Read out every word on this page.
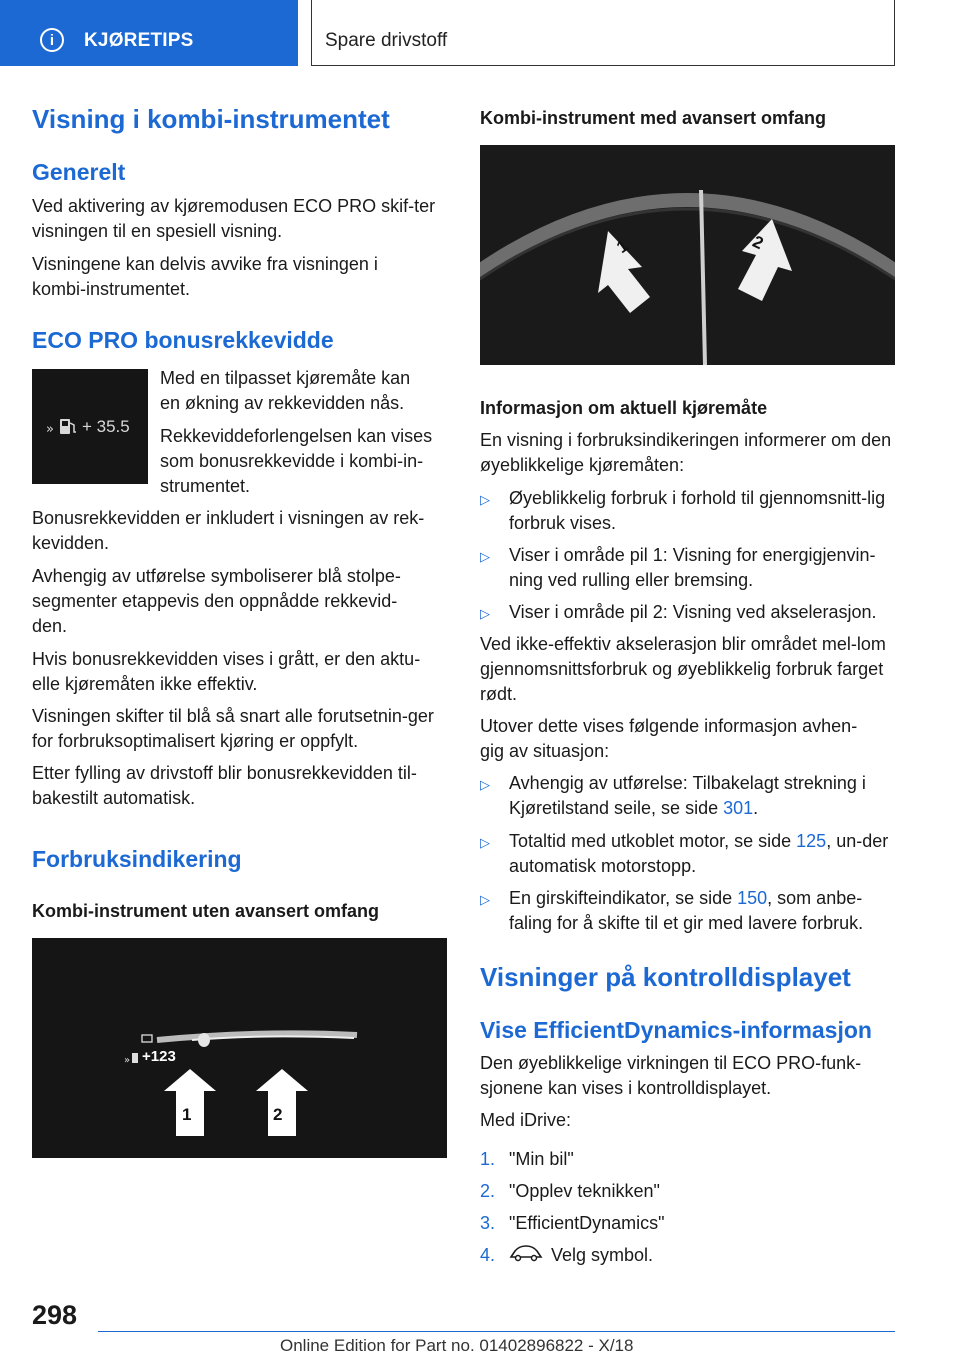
i	KJØRETIPS	Spare drivstoff
Visning i kombi-instrumentet
Generelt
Ved aktivering av kjøremodusen ECO PRO skif-ter visningen til en spesiell visning.
Visningene kan delvis avvike fra visningen i kombi-instrumentet.
ECO PRO bonusrekkevidde
» + 35.5
Med en tilpasset kjøremåte kan en økning av rekkevidden nås.
Rekkeviddeforlengelsen kan vises som bonusrekkevidde i kombi-in-strumentet.
Bonusrekkevidden er inkludert i visningen av rek-kevidden.
Avhengig av utførelse symboliserer blå stolpe-segmenter etappevis den oppnådde rekkevid-den.
Hvis bonusrekkevidden vises i grått, er den aktu-elle kjøremåten ikke effektiv.
Visningen skifter til blå så snart alle forutsetnin-ger for forbruksoptimalisert kjøring er oppfylt.
Etter fylling av drivstoff blir bonusrekkevidden til-bakestilt automatisk.
Forbruksindikering
Kombi-instrument uten avansert omfang
» +123
1	2
Kombi-instrument med avansert omfang
1	2
Informasjon om aktuell kjøremåte
En visning i forbruksindikeringen informerer om den øyeblikkelige kjøremåten:
▷	Øyeblikkelig forbruk i forhold til gjennomsnitt-lig forbruk vises.
▷	Viser i område pil 1: Visning for energigjenvin-ning ved rulling eller bremsing.
▷	Viser i område pil 2: Visning ved akselerasjon.
Ved ikke-effektiv akselerasjon blir området mel-lom gjennomsnittsforbruk og øyeblikkelig forbruk farget rødt.
Utover dette vises følgende informasjon avhen-gig av situasjon:
▷	Avhengig av utførelse: Tilbakelagt strekning i Kjøretilstand seile, se side 301.
▷	Totaltid med utkoblet motor, se side 125, un-der automatisk motorstopp.
▷	En girskifteindikator, se side 150, som anbe-faling for å skifte til et gir med lavere forbruk.
Visninger på kontrolldisplayet
Vise EfficientDynamics-informasjon
Den øyeblikkelige virkningen til ECO PRO-funk-sjonene kan vises i kontrolldisplayet.
Med iDrive:
1. "Min bil"
2. "Opplev teknikken"
3. "EfficientDynamics"
4.	Velg symbol.
298
Online Edition for Part no. 01402896822 - X/18
